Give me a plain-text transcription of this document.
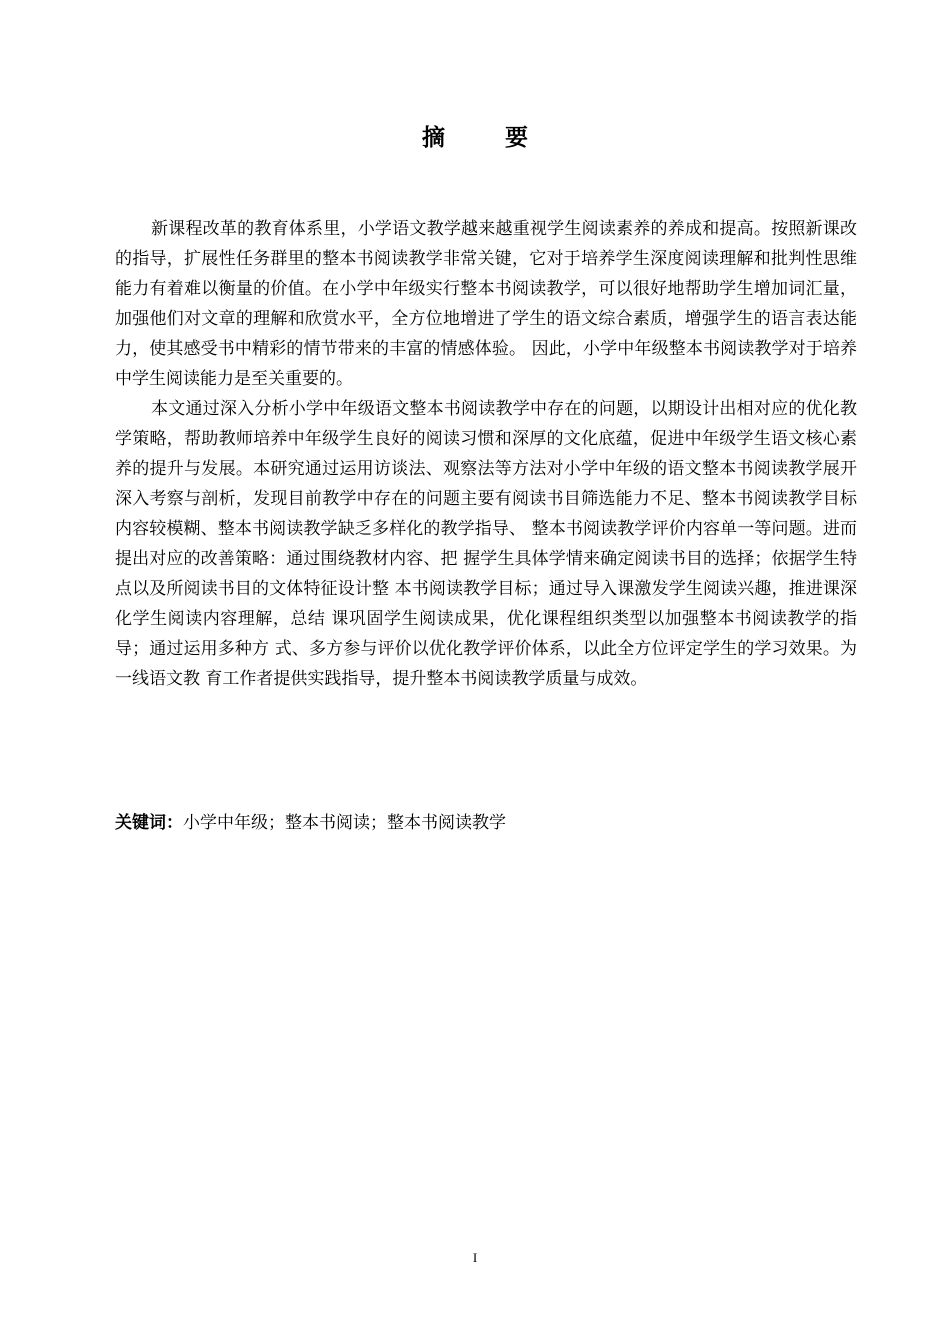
摘 要

新课程改革的教育体系里，小学语文教学越来越重视学生阅读素养的养成和提高。按照新课改的指导，扩展性任务群里的整本书阅读教学非常关键，它对于培养学生深度阅读理解和批判性思维能力有着难以衡量的价值。在小学中年级实行整本书阅读教学，可以很好地帮助学生增加词汇量，加强他们对文章的理解和欣赏水平，全方位地增进了学生的语文综合素质，增强学生的语言表达能力，使其感受书中精彩的情节带来的丰富的情感体验。 因此，小学中年级整本书阅读教学对于培养中学生阅读能力是至关重要的。

本文通过深入分析小学中年级语文整本书阅读教学中存在的问题，以期设计出相对应的优化教学策略，帮助教师培养中年级学生良好的阅读习惯和深厚的文化底蕴，促进中年级学生语文核心素养的提升与发展。本研究通过运用访谈法、观察法等方法对小学中年级的语文整本书阅读教学展开深入考察与剖析，发现目前教学中存在的问题主要有阅读书目筛选能力不足、整本书阅读教学目标内容较模糊、整本书阅读教学缺乏多样化的教学指导、 整本书阅读教学评价内容单一等问题。进而提出对应的改善策略：通过围绕教材内容、把 握学生具体学情来确定阅读书目的选择；依据学生特点以及所阅读书目的文体特征设计整 本书阅读教学目标；通过导入课激发学生阅读兴趣，推进课深化学生阅读内容理解，总结 课巩固学生阅读成果，优化课程组织类型以加强整本书阅读教学的指导；通过运用多种方 式、多方参与评价以优化教学评价体系，以此全方位评定学生的学习效果。为一线语文教 育工作者提供实践指导，提升整本书阅读教学质量与成效。

关键词：小学中年级；整本书阅读；整本书阅读教学
I
